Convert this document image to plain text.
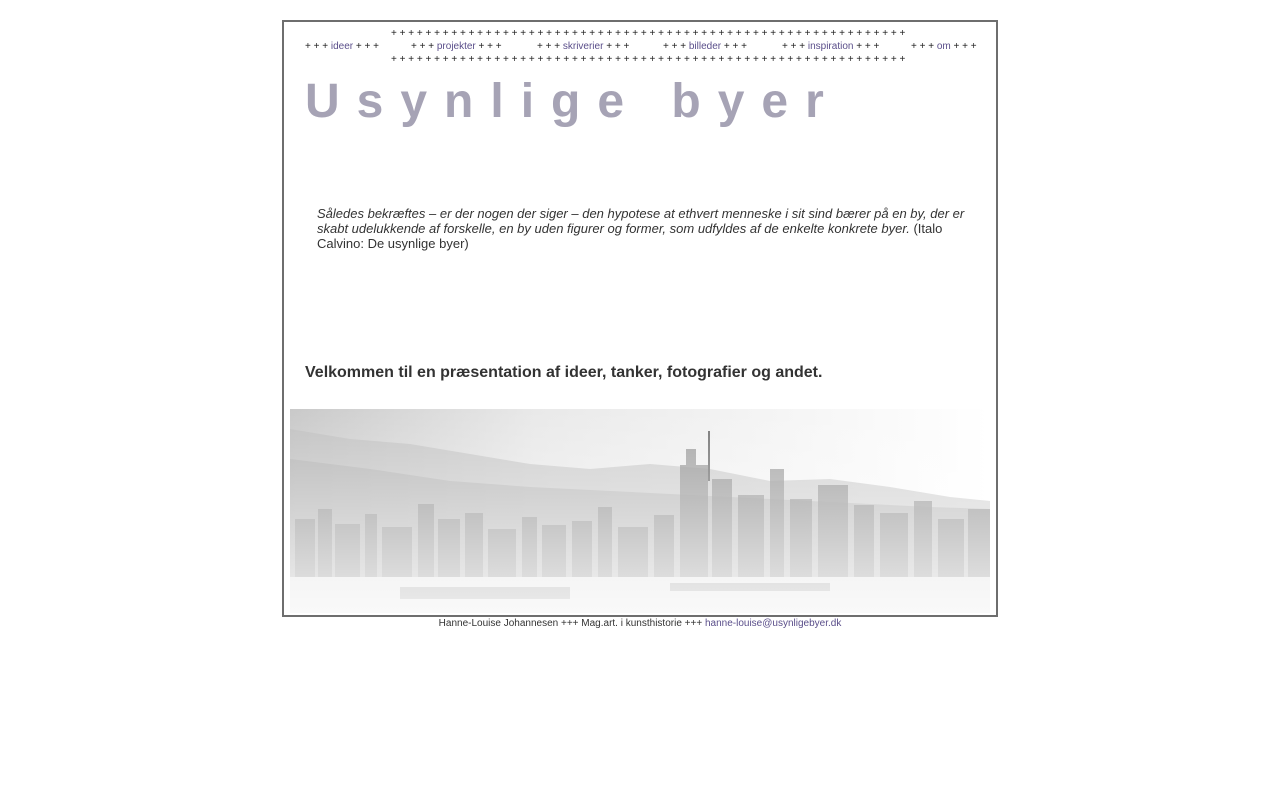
+ + + + + + + + + + + + + + + + + + + + + + + + + + + + + + + + + + + + + + + + + + + + + + + + + + + + + + + + + + + +
+ + + ideer + + +	+ + + projekter + + +	+ + + skriverier + + +	+ + + billeder + + +	+ + + inspiration + + +	+ + + om + + +
+ + + + + + + + + + + + + + + + + + + + + + + + + + + + + + + + + + + + + + + + + + + + + + + + + + + + + + + + + + + +
Usynlige byer
Således bekræftes – er der nogen der siger – den hypotese at ethvert menneske i sit sind bærer på en by, der er skabt udelukkende af forskelle, en by uden figurer og former, som udfyldes af de enkelte konkrete byer. (Italo Calvino: De usynlige byer)
Velkommen til en præsentation af ideer, tanker, fotografier og andet.
Hanne-Louise Johannesen +++ Mag.art. i kunsthistorie +++ hanne-louise@usynligebyer.dk
